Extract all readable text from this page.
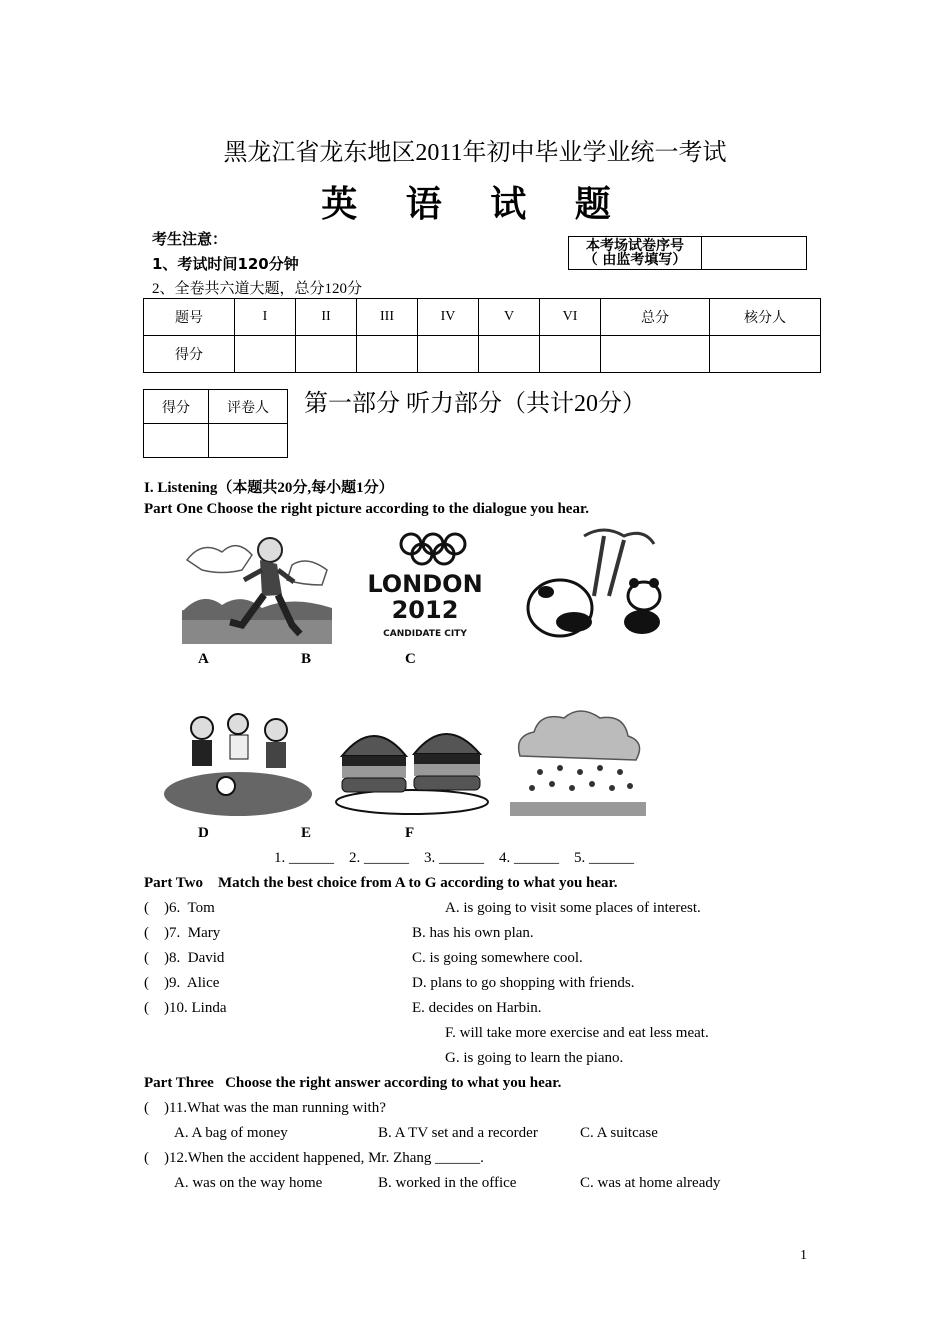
黑龙江省龙东地区2011年初中毕业学业统一考试
英 语 试 题
考生注意：
1、考试时间120分钟
2、全卷共六道大题，总分120分
本考场试卷序号
（ 由监考填写）

题号	I	II	III	IV	V	VI	总分	核分人
得分								
得分	评卷人
	第一部分 听力部分（共计20分）
I. Listening（本题共20分,每小题1分）
Part One Choose the right picture according to the dialogue you hear.
LONDON
2012
CANDIDATE CITY
A	B	C
D	E	F
1. ______    2. ______    3. ______    4. ______    5. ______
Part Two    Match the best choice from A to G according to what you hear.
(    )6.  Tom
(    )7.  Mary
(    )8.  David
(    )9.  Alice
(    )10. Linda
A. is going to visit some places of interest.
B. has his own plan.
C. is going somewhere cool.
D. plans to go shopping with friends.
E. decides on Harbin.
F. will take more exercise and eat less meat.
G. is going to learn the piano.
Part Three   Choose the right answer according to what you hear.
(    )11.What was the man running with?
A. A bag of money	B. A TV set and a recorder	C. A suitcase
(    )12.When the accident happened, Mr. Zhang ______.
A. was on the way home	B. worked in the office	C. was at home already
1
